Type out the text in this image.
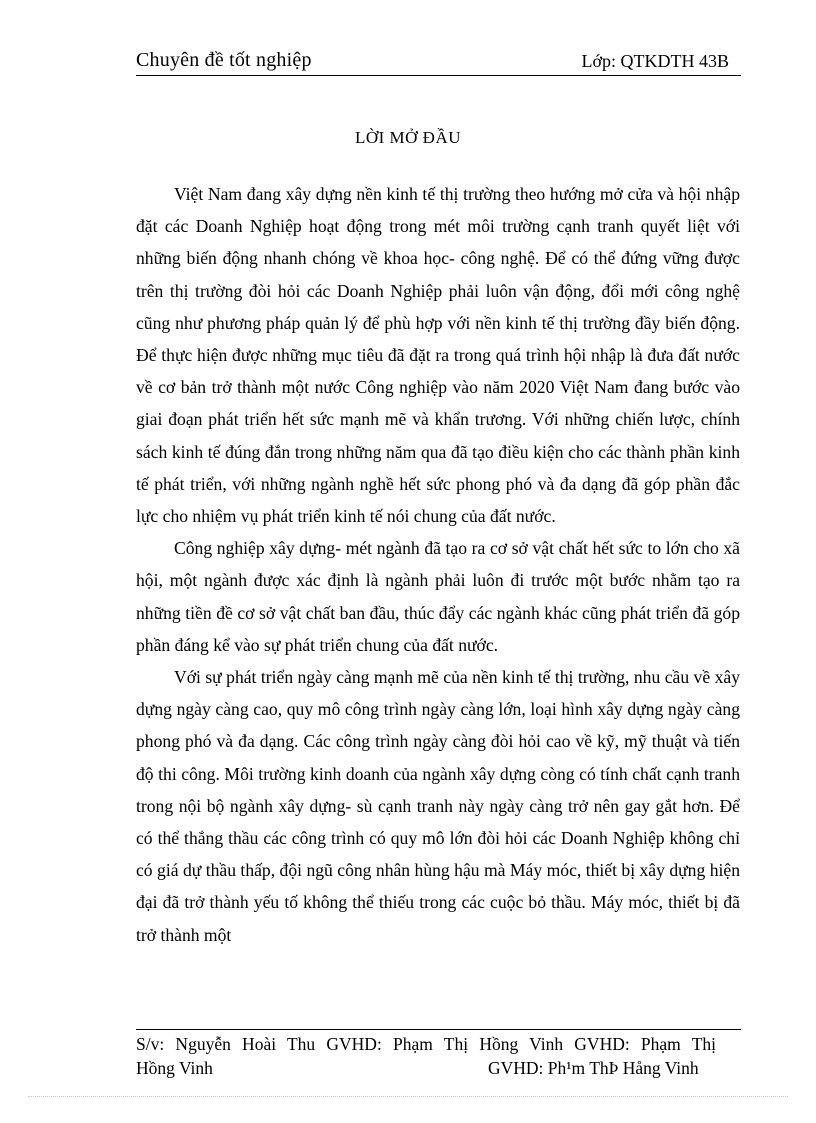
Chuyên đề tốt nghiệp	Lớp: QTKDTH 43B
LỜI MỞ ĐẦU

Việt Nam đang xây dựng nền kinh tế thị trường theo hướng mở cửa và hội nhập đặt các Doanh Nghiệp hoạt động trong mét môi trường cạnh tranh quyết liệt với những biến động nhanh chóng về khoa học- công nghệ. Để có thể đứng vững được trên thị trường đòi hỏi các Doanh Nghiệp phải luôn vận động, đổi mới công nghệ cũng như phương pháp quản lý để phù hợp với nền kinh tế thị trường đầy biến động. Để thực hiện được những mục tiêu đã đặt ra trong quá trình hội nhập là đưa đất nước về cơ bản trở thành một nước Công nghiệp vào năm 2020 Việt Nam đang bước vào giai đoạn phát triển hết sức mạnh mẽ và khẩn trương. Với những chiến lược, chính sách kinh tế đúng đắn trong những năm qua đã tạo điều kiện cho các thành phần kinh tế phát triển, với những ngành nghề hết sức phong phó và đa dạng đã góp phần đắc lực cho nhiệm vụ phát triển kinh tế nói chung của đất nước.

Công nghiệp xây dựng- mét ngành đã tạo ra cơ sở vật chất hết sức to lớn cho xã hội, một ngành được xác định là ngành phải luôn đi trước một bước nhằm tạo ra những tiền đề cơ sở vật chất ban đầu, thúc đẩy các ngành khác cũng phát triển đã góp phần đáng kể vào sự phát triển chung của đất nước.

Với sự phát triển ngày càng mạnh mẽ của nền kinh tế thị trường, nhu cầu về xây dựng ngày càng cao, quy mô công trình ngày càng lớn, loại hình xây dựng ngày càng phong phó và đa dạng. Các công trình ngày càng đòi hỏi cao về kỹ, mỹ thuật và tiến độ thi công. Môi trường kinh doanh của ngành xây dựng còng có tính chất cạnh tranh trong nội bộ ngành xây dựng- sù cạnh tranh này ngày càng trở nên gay gắt hơn. Để có thể thắng thầu các công trình có quy mô lớn đòi hỏi các Doanh Nghiệp không chỉ có giá dự thầu thấp, đội ngũ công nhân hùng hậu mà Máy móc, thiết bị xây dựng hiện đại đã trở thành yếu tố không thể thiếu trong các cuộc bỏ thầu. Máy móc, thiết bị đã trở thành một

S/v: Nguyễn Hoài Thu GVHD: Phạm Thị Hồng Vinh GVHD: Phạm Thị
Hồng Vinh	GVHD: Ph¹m ThÞ Hång Vinh
